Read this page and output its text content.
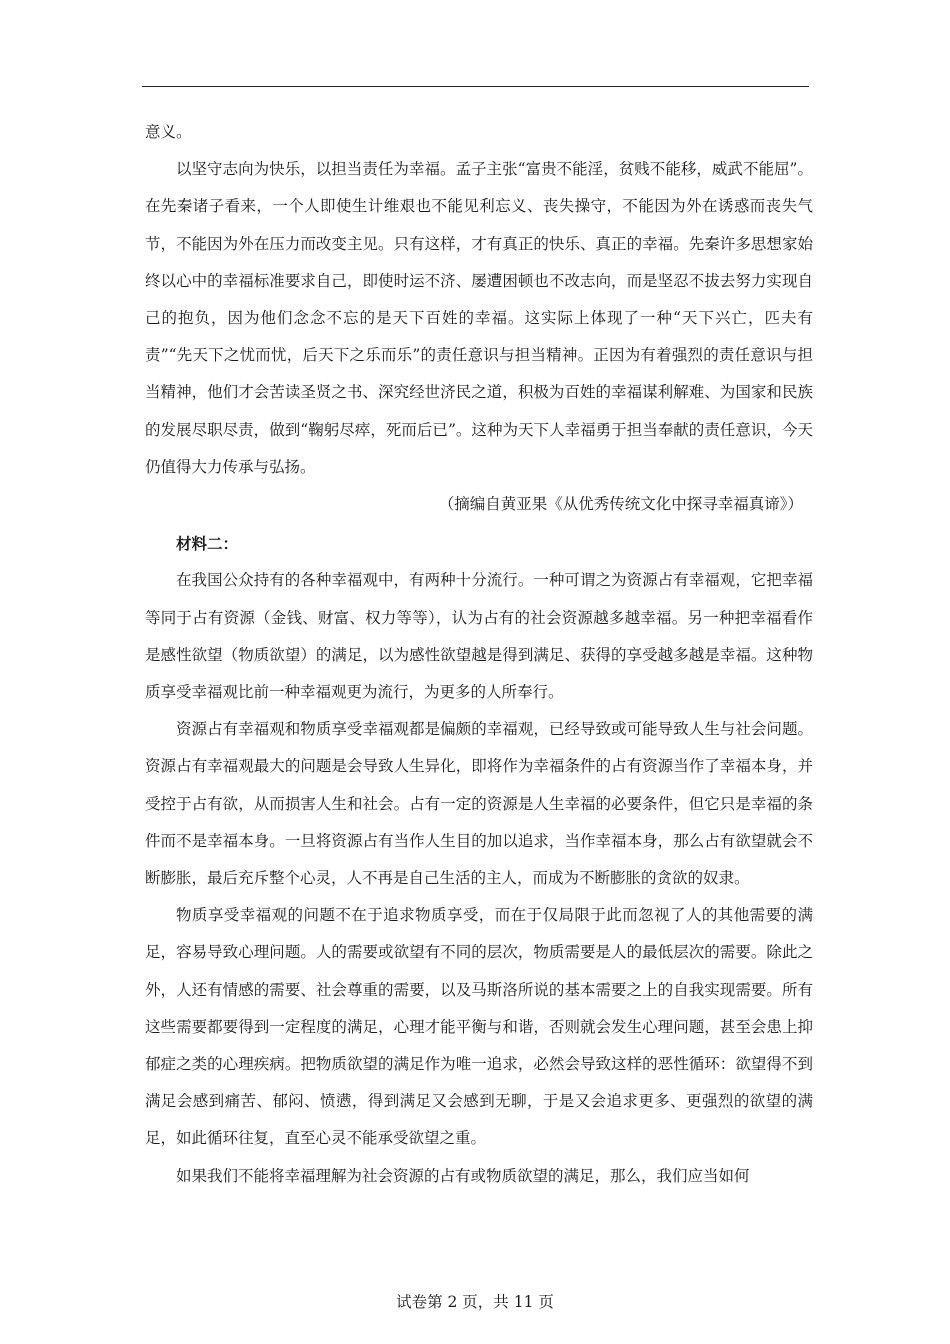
意义。

以坚守志向为快乐，以担当责任为幸福。孟子主张“富贵不能淫，贫贱不能移，威武不能屈”。在先秦诸子看来，一个人即使生计维艰也不能见利忘义、丧失操守，不能因为外在诱惑而丧失气节，不能因为外在压力而改变主见。只有这样，才有真正的快乐、真正的幸福。先秦许多思想家始终以心中的幸福标准要求自己，即使时运不济、屡遭困顿也不改志向，而是坚忍不拔去努力实现自己的抱负，因为他们念念不忘的是天下百姓的幸福。这实际上体现了一种“天下兴亡，匹夫有责”“先天下之忧而忧，后天下之乐而乐”的责任意识与担当精神。正因为有着强烈的责任意识与担当精神，他们才会苦读圣贤之书、深究经世济民之道，积极为百姓的幸福谋利解难、为国家和民族的发展尽职尽责，做到“鞠躬尽瘁，死而后已”。这种为天下人幸福勇于担当奉献的责任意识，今天仍值得大力传承与弘扬。

（摘编自黄亚果《从优秀传统文化中探寻幸福真谛》）

材料二：

在我国公众持有的各种幸福观中，有两种十分流行。一种可谓之为资源占有幸福观，它把幸福等同于占有资源（金钱、财富、权力等等），认为占有的社会资源越多越幸福。另一种把幸福看作是感性欲望（物质欲望）的满足，以为感性欲望越是得到满足、获得的享受越多越是幸福。这种物质享受幸福观比前一种幸福观更为流行，为更多的人所奉行。

资源占有幸福观和物质享受幸福观都是偏颇的幸福观，已经导致或可能导致人生与社会问题。资源占有幸福观最大的问题是会导致人生异化，即将作为幸福条件的占有资源当作了幸福本身，并受控于占有欲，从而损害人生和社会。占有一定的资源是人生幸福的必要条件，但它只是幸福的条件而不是幸福本身。一旦将资源占有当作人生目的加以追求，当作幸福本身，那么占有欲望就会不断膨胀，最后充斥整个心灵，人不再是自己生活的主人，而成为不断膨胀的贪欲的奴隶。

物质享受幸福观的问题不在于追求物质享受，而在于仅局限于此而忽视了人的其他需要的满足，容易导致心理问题。人的需要或欲望有不同的层次，物质需要是人的最低层次的需要。除此之外，人还有情感的需要、社会尊重的需要，以及马斯洛所说的基本需要之上的自我实现需要。所有这些需要都要得到一定程度的满足，心理才能平衡与和谐，否则就会发生心理问题，甚至会患上抑郁症之类的心理疾病。把物质欲望的满足作为唯一追求，必然会导致这样的恶性循环：欲望得不到满足会感到痛苦、郁闷、愤懑，得到满足又会感到无聊，于是又会追求更多、更强烈的欲望的满足，如此循环往复，直至心灵不能承受欲望之重。

如果我们不能将幸福理解为社会资源的占有或物质欲望的满足，那么，我们应当如何

试卷第 2 页，共 11 页
